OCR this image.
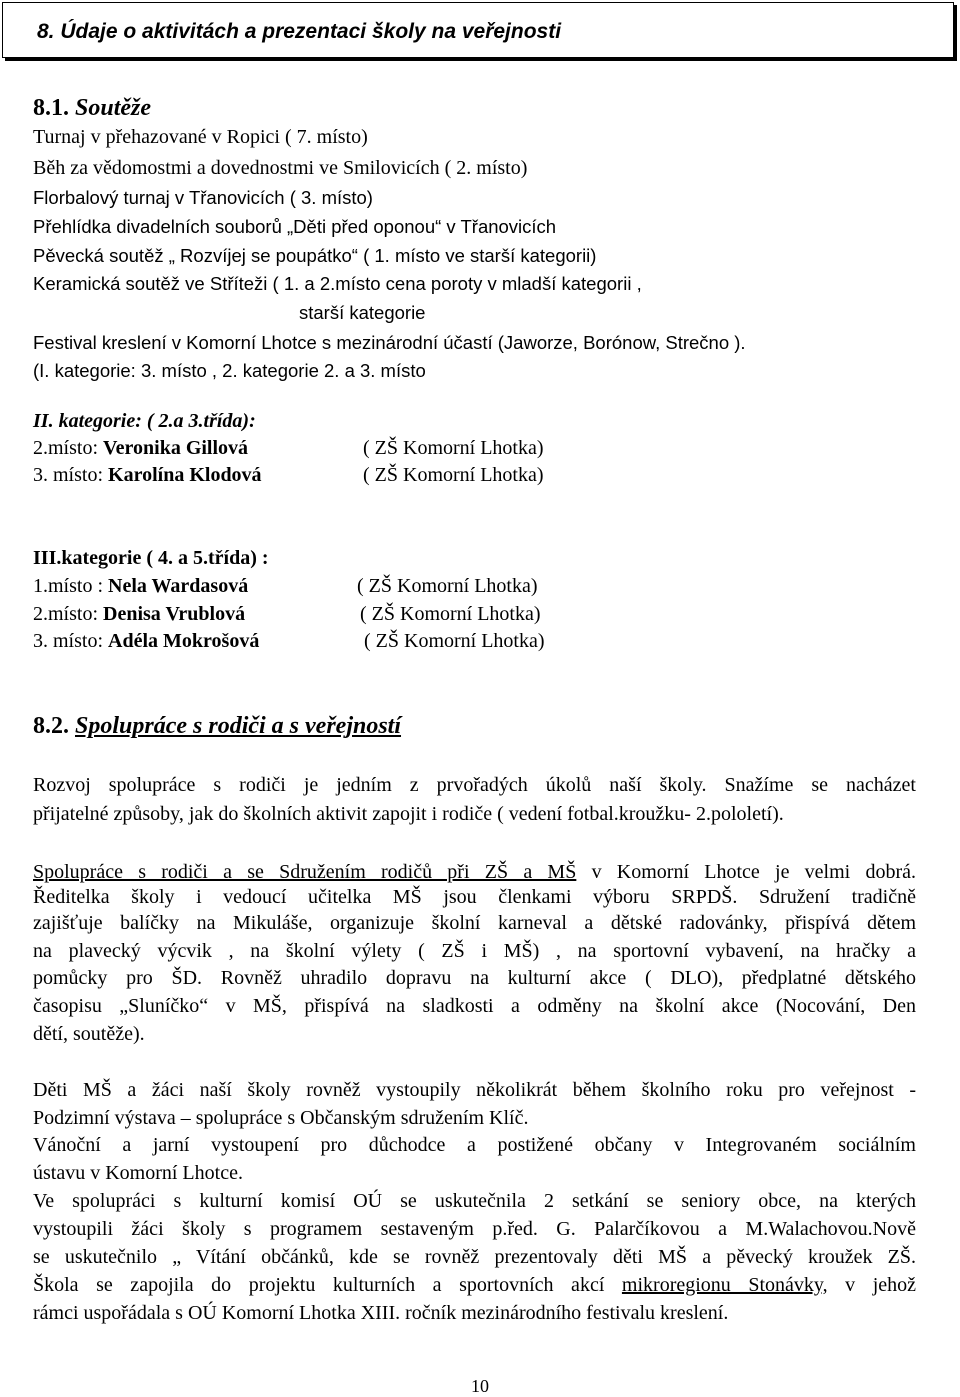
8. Údaje o aktivitách a prezentaci školy na veřejnosti
8.1. Soutěže
Turnaj v přehazované v Ropici ( 7. místo)
Běh za vědomostmi a dovednostmi ve Smilovicích ( 2. místo)
Florbalový turnaj v Třanovicích ( 3. místo)
Přehlídka divadelních souborů „Děti před oponou“ v Třanovicích
Pěvecká soutěž „ Rozvíjej se poupátko“ ( 1. místo ve starší kategorii)
Keramická soutěž ve Stříteži ( 1. a 2.místo cena poroty v mladší kategorii ,
starší kategorie
Festival kreslení v Komorní Lhotce s mezinárodní účastí (Jaworze, Borónow, Strečno ).
(I. kategorie: 3. místo , 2. kategorie 2. a 3. místo
II. kategorie: ( 2.a 3.třída):
2.místo: Veronika Gillová	( ZŠ Komorní Lhotka)
3. místo: Karolína Klodová	( ZŠ Komorní Lhotka)
III.kategorie ( 4. a 5.třída) :
1.místo : Nela Wardasová	( ZŠ Komorní Lhotka)
2.místo: Denisa Vrublová	( ZŠ Komorní Lhotka)
3. místo: Adéla Mokrošová	( ZŠ Komorní Lhotka)
8.2. Spolupráce s rodiči a s veřejností
Rozvoj spolupráce s rodiči je jedním z prvořadých úkolů naší školy. Snažíme se nacházet
přijatelné způsoby, jak do školních aktivit zapojit i rodiče ( vedení fotbal.kroužku- 2.pololetí).
Spolupráce s rodiči a se Sdružením rodičů při ZŠ a MŠ v Komorní Lhotce je velmi dobrá.
Ředitelka školy i vedoucí učitelka MŠ jsou členkami výboru SRPDŠ. Sdružení tradičně
zajišťuje balíčky na Mikuláše, organizuje školní karneval a dětské radovánky, přispívá dětem
na plavecký výcvik , na školní výlety ( ZŠ i MŠ) , na sportovní vybavení, na hračky a
pomůcky pro ŠD. Rovněž uhradilo dopravu na kulturní akce ( DLO), předplatné dětského
časopisu „Sluníčko“ v MŠ, přispívá na sladkosti a odměny na školní akce (Nocování, Den
dětí, soutěže).
Děti MŠ a žáci naší školy rovněž vystoupily několikrát během školního roku pro veřejnost -
Podzimní výstava – spolupráce s Občanským sdružením Klíč.
Vánoční a jarní vystoupení pro důchodce a postižené občany v Integrovaném sociálním
ústavu v Komorní Lhotce.
Ve spolupráci s kulturní komisí OÚ se uskutečnila 2 setkání se seniory obce, na kterých
vystoupili žáci školy s programem sestaveným p.řed. G. Palarčíkovou a M.Walachovou.Nově
se uskutečnilo „ Vítání občánků, kde se rovněž prezentovaly děti MŠ a pěvecký kroužek ZŠ.
Škola se zapojila do projektu kulturních a sportovních akcí mikroregionu Stonávky, v jehož
rámci uspořádala s OÚ Komorní Lhotka XIII. ročník mezinárodního festivalu kreslení.
10
